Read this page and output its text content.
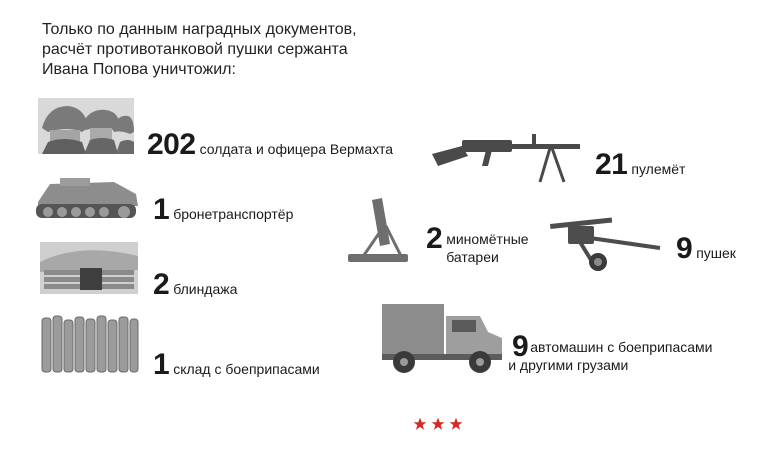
Только по данным наградных документов,
расчёт противотанковой пушки сержанта
Ивана Попова уничтожил:
202 солдата и офицера Вермахта
1 бронетранспортёр
2 блиндажа
1 склад с боеприпасами
21 пулемёт
2 миномётные
батареи	9 пушек
9 автомашин с боеприпасами
и другими грузами
